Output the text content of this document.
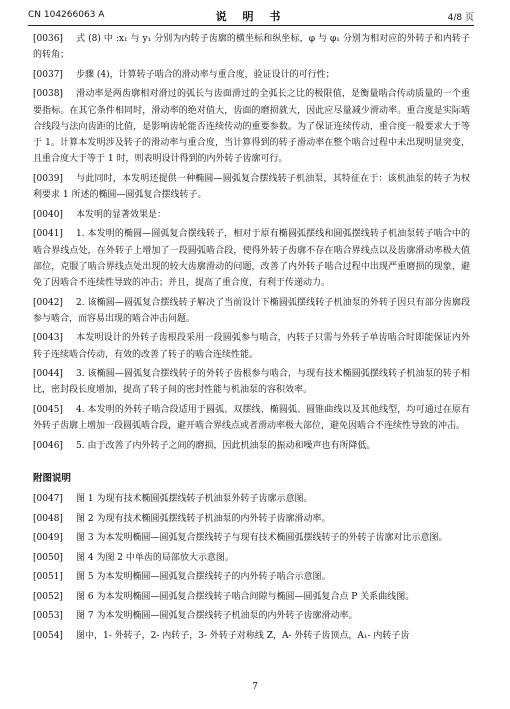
CN 104266063 A	说 明 书	4/8 页

[0036] 式 (8) 中 :x₁ 与 y₁ 分别为内转子齿廓的横坐标和纵坐标，φ 与 φ₁ 分别为相对应的外转子和内转子的转角；

[0037] 步骤 (4)，计算转子啮合的滑动率与重合度，验证设计的可行性；

[0038] 滑动率是两齿廓相对滑过的弧长与齿面滑过的全弧长之比的极限值，是衡量啮合传动质量的一个重要指标。在其它条件相同时，滑动率的绝对值大，齿面的磨损就大，因此应尽量减少滑动率。重合度是实际啮合线段与法向齿距的比值，是影响齿轮能否连续传动的重要参数。为了保证连续传动，重合度一般要求大于等于 1。计算本发明涉及转子的滑动率与重合度，当计算得到的转子滑动率在整个啮合过程中未出现明显突变，且重合度大于等于 1 时，则表明设计得到的内外转子齿廓可行。

[0039] 与此同时，本发明还提供一种椭圆—圆弧复合摆线转子机油泵，其特征在于：该机油泵的转子为权利要求 1 所述的椭圆—圆弧复合摆线转子。

[0040] 本发明的显著效果是：

[0041] 1. 本发明的椭圆—圆弧复合摆线转子，相对于原有椭圆弧摆线和圆弧摆线转子机油泵转子啮合中的啮合界线点处，在外转子上增加了一段圆弧啮合段，使得外转子齿廓不存在啮合界线点以及齿廓滑动率极大值部位，克服了啮合界线点处出现的较大齿廓滑动的问题，改善了内外转子啮合过程中出现严重磨损的现象，避免了因啮合不连续性导致的冲击；并且，提高了重合度，有利于传递动力。

[0042] 2. 该椭圆—圆弧复合摆线转子解决了当前设计下椭圆弧摆线转子机油泵的外转子因只有部分齿廓段参与啮合，而容易出现的啮合冲击问题。

[0043] 本发明设计的外转子齿根段采用一段圆弧参与啮合，内转子只需与外转子单齿啮合时即能保证内外转子连续啮合传动，有效的改善了转子的啮合连续性能。

[0044] 3. 该椭圆—圆弧复合摆线转子的外转子齿根参与啮合，与现有技术椭圆弧摆线转子机油泵的转子相比，密封段长度增加，提高了转子间的密封性能与机油泵的容积效率。

[0045] 4. 本发明的外转子啮合段适用于圆弧、双摆线、椭圆弧、圆锥曲线以及其他线型，均可通过在原有外转子齿廓上增加一段圆弧啮合段，避开啮合界线点或者滑动率极大部位，避免因啮合不连续性导致的冲击。

[0046] 5. 由于改善了内外转子之间的磨损，因此机油泵的振动和噪声也有所降低。

附图说明

[0047] 图 1 为现有技术椭圆弧摆线转子机油泵外转子齿廓示意图。

[0048] 图 2 为现有技术椭圆弧摆线转子机油泵的内外转子齿廓滑动率。

[0049] 图 3 为本发明椭圆—圆弧复合摆线转子与现有技术椭圆弧摆线转子的外转子齿廓对比示意图。

[0050] 图 4 为图 2 中单齿的局部放大示意图。

[0051] 图 5 为本发明椭圆—圆弧复合摆线转子的内外转子啮合示意图。

[0052] 图 6 为本发明椭圆—圆弧复合摆线转子啮合间隙与椭圆—圆弧复合点 P 关系曲线图。

[0053] 图 7 为本发明椭圆—圆弧复合摆线转子机油泵的内外转子齿廓滑动率。

[0054] 图中，1- 外转子，2- 内转子，3- 外转子对称线 Z，A- 外转子齿顶点，A₁- 内转子齿

7
